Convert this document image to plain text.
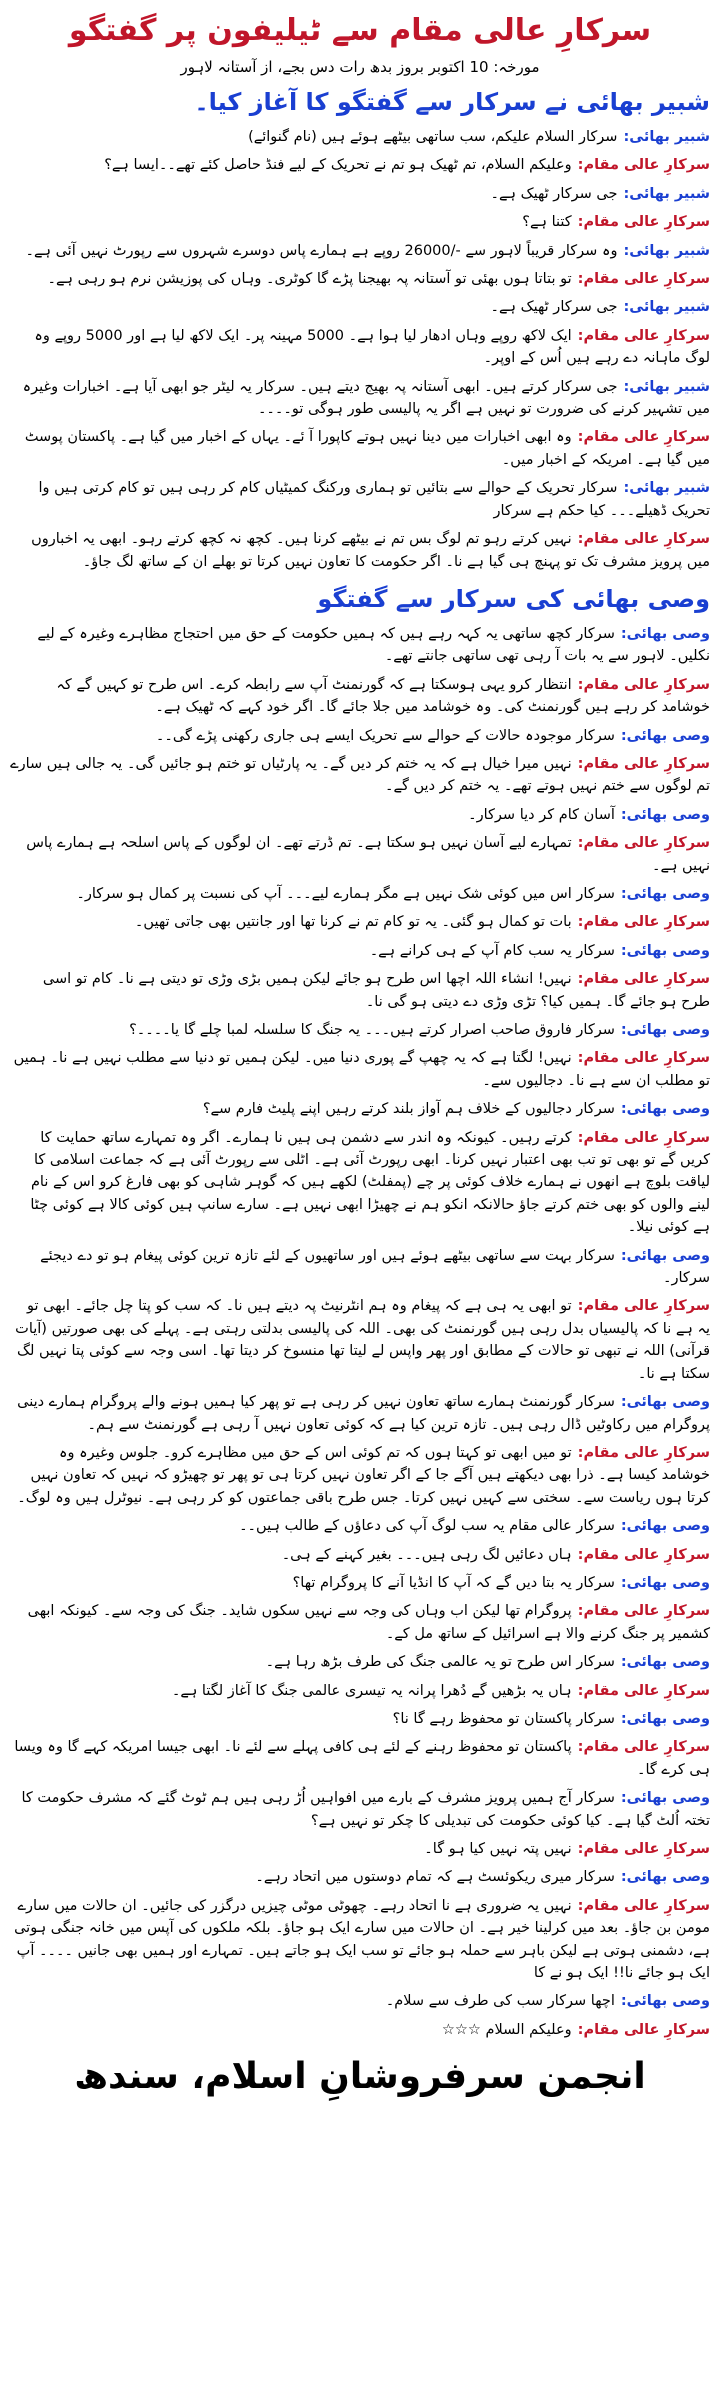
سرکارِ عالی مقام سے ٹیلیفون پر گفتگو

مورخہ: 10 اکتوبر بروز بدھ رات دس بجے، از آستانہ لاہور

شبیر بھائی نے سرکار سے گفتگو کا آغاز کیا۔

شبیر بھائی:سرکار السلام علیکم، سب ساتھی بیٹھے ہوئے ہیں (نام گنوائے)

سرکارِ عالی مقام:وعلیکم السلام، تم ٹھیک ہو تم نے تحریک کے لیے فنڈ حاصل کئے تھے۔۔ایسا ہے؟

شبیر بھائی:جی سرکار ٹھیک ہے۔

سرکارِ عالی مقام:کتنا ہے؟

شبیر بھائی:وہ سرکار قریباً لاہور سے -/26000 روپے ہے ہمارے پاس دوسرے شہروں سے رپورٹ نہیں آئی ہے۔

سرکارِ عالی مقام:تو بتاتا ہوں بھئی تو آستانہ پہ بھیجنا پڑے گا کوٹری۔ وہاں کی پوزیشن نرم ہو رہی ہے۔

شبیر بھائی:جی سرکار ٹھیک ہے۔

سرکارِ عالی مقام:ایک لاکھ روپے وہاں ادھار لیا ہوا ہے۔ 5000 مہینہ پر۔ ایک لاکھ لیا ہے اور 5000 روپے وہ لوگ ماہانہ دے رہے ہیں اُس کے اوپر۔

شبیر بھائی:جی سرکار کرتے ہیں۔ ابھی آستانہ پہ بھیج دیتے ہیں۔ سرکار یہ لیٹر جو ابھی آیا ہے۔ اخبارات وغیرہ میں تشہیر کرنے کی ضرورت تو نہیں ہے اگر یہ پالیسی طور ہوگی تو۔۔۔۔

سرکارِ عالی مقام:وہ ابھی اخبارات میں دینا نہیں ہوتے کاپورا آ ئے۔ یہاں کے اخبار میں گیا ہے۔ پاکستان پوسٹ میں گیا ہے۔ امریکہ کے اخبار میں۔

شبیر بھائی:سرکار تحریک کے حوالے سے بتائیں تو ہماری ورکنگ کمیٹیاں کام کر رہی ہیں تو کام کرتی ہیں وا تحریک ڈھیلے۔۔۔ کیا حکم ہے سرکار

سرکارِ عالی مقام:نہیں کرتے رہو تم لوگ بس تم نے بیٹھے کرنا ہیں۔ کچھ نہ کچھ کرتے رہو۔ ابھی یہ اخباروں میں پرویز مشرف تک تو پہنچ ہی گیا ہے نا۔ اگر حکومت کا تعاون نہیں کرتا تو بھلے ان کے ساتھ لگ جاؤ۔

وصی بھائی کی سرکار سے گفتگو

وصی بھائی:سرکار کچھ ساتھی یہ کہہ رہے ہیں کہ ہمیں حکومت کے حق میں احتجاج مظاہرے وغیرہ کے لیے نکلیں۔ لاہور سے یہ بات آ رہی تھی ساتھی جانتے تھے۔

سرکارِ عالی مقام:انتظار کرو یہی ہوسکتا ہے کہ گورنمنٹ آپ سے رابطہ کرے۔ اس طرح تو کہیں گے کہ خوشامد کر رہے ہیں گورنمنٹ کی۔ وہ خوشامد میں جلا جائے گا۔ اگر خود کہے کہ ٹھیک ہے۔

وصی بھائی:سرکار موجودہ حالات کے حوالے سے تحریک ایسے ہی جاری رکھنی پڑے گی۔۔

سرکارِ عالی مقام:نہیں میرا خیال ہے کہ یہ ختم کر دیں گے۔ یہ پارٹیاں تو ختم ہو جائیں گی۔ یہ جالی ہیں سارے تم لوگوں سے ختم نہیں ہوتے تھے۔ یہ ختم کر دیں گے۔

وصی بھائی:آسان کام کر دیا سرکار۔

سرکارِ عالی مقام:تمہارے لیے آسان نہیں ہو سکتا ہے۔ تم ڈرتے تھے۔ ان لوگوں کے پاس اسلحہ ہے ہمارے پاس نہیں ہے۔

وصی بھائی:سرکار اس میں کوئی شک نہیں ہے مگر ہمارے لیے۔۔۔ آپ کی نسبت پر کمال ہو سرکار۔

سرکارِ عالی مقام:بات تو کمال ہو گئی۔ یہ تو کام تم نے کرنا تھا اور جانتیں بھی جاتی تھیں۔

وصی بھائی:سرکار یہ سب کام آپ کے ہی کرانے ہے۔

سرکارِ عالی مقام:نہیں! انشاء اللہ اچھا اس طرح ہو جائے لیکن ہمیں بڑی وڑی تو دیتی ہے نا۔ کام تو اسی طرح ہو جائے گا۔ ہمیں کیا؟ تڑی وڑی دے دیتی ہو گی نا۔

وصی بھائی:سرکار فاروق صاحب اصرار کرتے ہیں۔۔۔ یہ جنگ کا سلسلہ لمبا چلے گا یا۔۔۔۔؟

سرکارِ عالی مقام:نہیں! لگتا ہے کہ یہ چھپ گے پوری دنیا میں۔ لیکن ہمیں تو دنیا سے مطلب نہیں ہے نا۔ ہمیں تو مطلب ان سے ہے نا۔ دجالیوں سے۔

وصی بھائی:سرکار دجالیوں کے خلاف ہم آواز بلند کرتے رہیں اپنے پلیٹ فارم سے؟

سرکارِ عالی مقام:کرتے رہیں۔ کیونکہ وہ اندر سے دشمن ہی ہیں نا ہمارے۔ اگر وہ تمہارے ساتھ حمایت کا کریں گے تو بھی تو تب بھی اعتبار نہیں کرنا۔ ابھی رپورٹ آئی ہے۔ اٹلی سے رپورٹ آئی ہے کہ جماعت اسلامی کا لیاقت بلوچ ہے انھوں نے ہمارے خلاف کوئی پر چے (پمفلٹ) لکھے ہیں کہ گوہر شاہی کو بھی فارغ کرو اس کے نام لینے والوں کو بھی ختم کرتے جاؤ حالانکہ انکو ہم نے چھیڑا ابھی نہیں ہے۔ سارے سانپ ہیں کوئی کالا ہے کوئی چٹا ہے کوئی نیلا۔

وصی بھائی:سرکار بہت سے ساتھی بیٹھے ہوئے ہیں اور ساتھیوں کے لئے تازہ ترین کوئی پیغام ہو تو دے دیجئے سرکار۔

سرکارِ عالی مقام:تو ابھی یہ ہی ہے کہ پیغام وہ ہم انٹرنیٹ پہ دیتے ہیں نا۔ کہ سب کو پتا چل جائے۔ ابھی تو یہ ہے نا کہ پالیسیاں بدل رہی ہیں گورنمنٹ کی بھی۔ اللہ کی پالیسی بدلتی رہتی ہے۔ پہلے کی بھی صورتیں (آیات قرآنی) اللہ نے تبھی تو حالات کے مطابق اور پھر واپس لے لیتا تھا منسوخ کر دیتا تھا۔ اسی وجہ سے کوئی پتا نہیں لگ سکتا ہے نا۔

وصی بھائی:سرکار گورنمنٹ ہمارے ساتھ تعاون نہیں کر رہی ہے تو پھر کیا ہمیں ہونے والے پروگرام ہمارے دینی پروگرام میں رکاوٹیں ڈال رہی ہیں۔ تازہ ترین کیا ہے کہ کوئی تعاون نہیں آ رہی ہے گورنمنٹ سے ہم۔

سرکارِ عالی مقام:تو میں ابھی تو کہتا ہوں کہ تم کوئی اس کے حق میں مظاہرے کرو۔ جلوس وغیرہ وہ خوشامد کیسا ہے۔ ذرا بھی دیکھتے ہیں آگے جا کے اگر تعاون نہیں کرتا ہی تو پھر تو چھیڑو کہ نہیں کہ تعاون نہیں کرتا ہوں ریاست سے۔ سختی سے کہیں نہیں کرتا۔ جس طرح باقی جماعتوں کو کر رہی ہے۔ نیوٹرل ہیں وہ لوگ۔

وصی بھائی:سرکار عالی مقام یہ سب لوگ آپ کی دعاؤں کے طالب ہیں۔۔

سرکارِ عالی مقام:ہاں دعائیں لگ رہی ہیں۔۔۔ بغیر کہنے کے ہی۔

وصی بھائی:سرکار یہ بتا دیں گے کہ آپ کا انڈیا آنے کا پروگرام تھا؟

سرکارِ عالی مقام:پروگرام تھا لیکن اب وہاں کی وجہ سے نہیں سکوں شاید۔ جنگ کی وجہ سے۔ کیونکہ ابھی کشمیر پر جنگ کرنے والا ہے اسرائیل کے ساتھ مل کے۔

وصی بھائی:سرکار اس طرح تو یہ عالمی جنگ کی طرف بڑھ رہا ہے۔

سرکارِ عالی مقام:ہاں یہ بڑھیں گے دُھرا پرانہ یہ تیسری عالمی جنگ کا آغاز لگتا ہے۔

وصی بھائی:سرکار پاکستان تو محفوظ رہے گا نا؟

سرکارِ عالی مقام:پاکستان تو محفوظ رہنے کے لئے ہی کافی پہلے سے لئے نا۔ ابھی جیسا امریکہ کہے گا وہ ویسا ہی کرے گا۔

وصی بھائی:سرکار آج ہمیں پرویز مشرف کے بارے میں افواہیں اُڑ رہی ہیں ہم ٹوٹ گئے کہ مشرف حکومت کا تختہ اُلٹ گیا ہے۔ کیا کوئی حکومت کی تبدیلی کا چکر تو نہیں ہے؟

سرکارِ عالی مقام:نہیں پتہ نہیں کیا ہو گا۔

وصی بھائی:سرکار میری ریکوئسٹ ہے کہ تمام دوستوں میں اتحاد رہے۔

سرکارِ عالی مقام:نہیں یہ ضروری ہے نا اتحاد رہے۔ چھوٹی موٹی چیزیں درگزر کی جائیں۔ ان حالات میں سارے مومن بن جاؤ۔ بعد میں کرلینا خیر ہے۔ ان حالات میں سارے ایک ہو جاؤ۔ بلکہ ملکوں کی آپس میں خانہ جنگی ہوتی ہے، دشمنی ہوتی ہے لیکن باہر سے حملہ ہو جائے تو سب ایک ہو جاتے ہیں۔ تمہارے اور ہمیں بھی جانیں ۔۔۔۔ آپ ایک ہو جائے نا!! ایک ہو نے کا

وصی بھائی:اچھا سرکار سب کی طرف سے سلام۔

سرکارِ عالی مقام:وعلیکم السلام ☆☆☆

انجمن سرفروشانِ اسلام، سندھ
